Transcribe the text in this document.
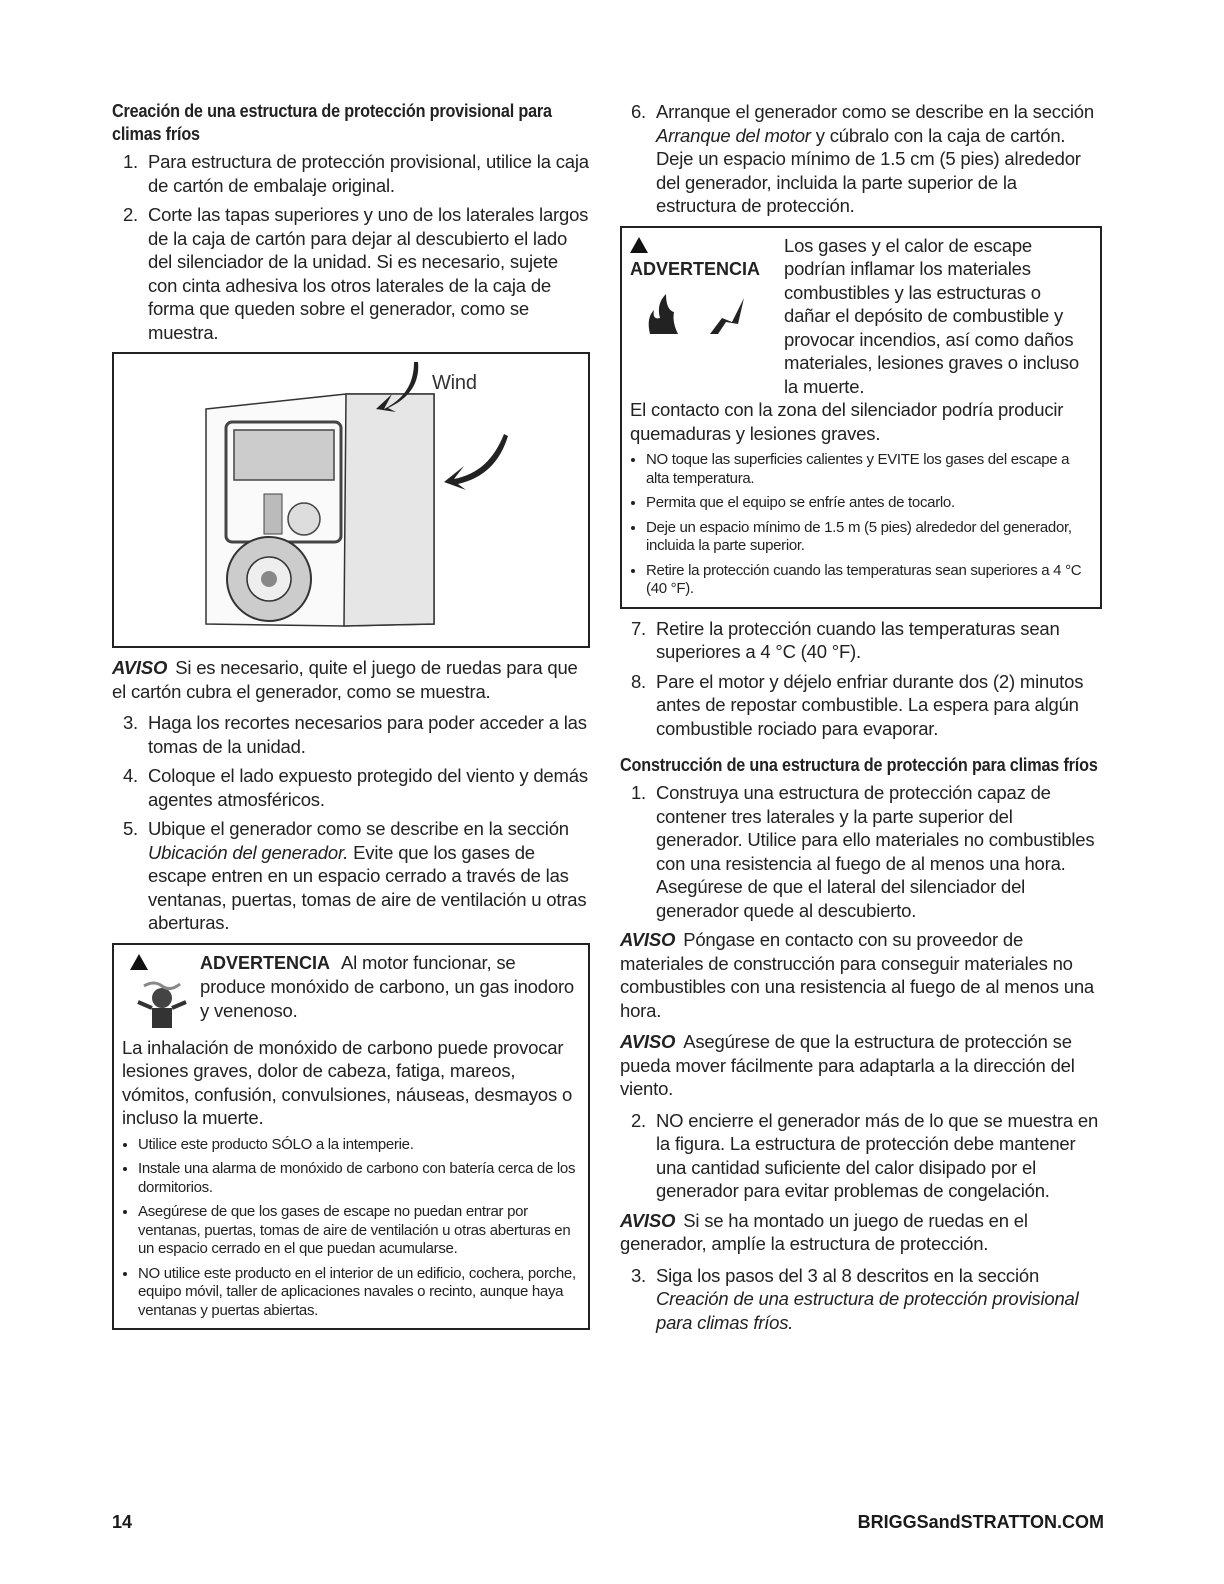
Creación de una estructura de protección provisional para climas fríos
1. Para estructura de protección provisional, utilice la caja de cartón de embalaje original.
2. Corte las tapas superiores y uno de los laterales largos de la caja de cartón para dejar al descubierto el lado del silenciador de la unidad. Si es necesario, sujete con cinta adhesiva los otros laterales de la caja de forma que queden sobre el generador, como se muestra.
Wind

AVISO Si es necesario, quite el juego de ruedas para que el cartón cubra el generador, como se muestra.

3. Haga los recortes necesarios para poder acceder a las tomas de la unidad.
4. Coloque el lado expuesto protegido del viento y demás agentes atmosféricos.
5. Ubique el generador como se describe en la sección Ubicación del generador. Evite que los gases de escape entren en un espacio cerrado a través de las ventanas, puertas, tomas de aire de ventilación u otras aberturas.
ADVERTENCIA Al motor funcionar, se produce monóxido de carbono, un gas inodoro y venenoso.
La inhalación de monóxido de carbono puede provocar lesiones graves, dolor de cabeza, fatiga, mareos, vómitos, confusión, convulsiones, náuseas, desmayos o incluso la muerte.
• Utilice este producto SÓLO a la intemperie.
• Instale una alarma de monóxido de carbono con batería cerca de los dormitorios.
• Asegúrese de que los gases de escape no puedan entrar por ventanas, puertas, tomas de aire de ventilación u otras aberturas en un espacio cerrado en el que puedan acumularse.
• NO utilice este producto en el interior de un edificio, cochera, porche, equipo móvil, taller de aplicaciones navales o recinto, aunque haya ventanas y puertas abiertas.
6. Arranque el generador como se describe en la sección Arranque del motor y cúbralo con la caja de cartón. Deje un espacio mínimo de 1.5 cm (5 pies) alrededor del generador, incluida la parte superior de la estructura de protección.
ADVERTENCIA
Los gases y el calor de escape podrían inflamar los materiales combustibles y las estructuras o dañar el depósito de combustible y provocar incendios, así como daños materiales, lesiones graves o incluso la muerte.
El contacto con la zona del silenciador podría producir quemaduras y lesiones graves.
• NO toque las superficies calientes y EVITE los gases del escape a alta temperatura.
• Permita que el equipo se enfríe antes de tocarlo.
• Deje un espacio mínimo de 1.5 m (5 pies) alrededor del generador, incluida la parte superior.
• Retire la protección cuando las temperaturas sean superiores a 4 °C (40 °F).
7. Retire la protección cuando las temperaturas sean superiores a 4 °C (40 °F).
8. Pare el motor y déjelo enfriar durante dos (2) minutos antes de repostar combustible. La espera para algún combustible rociado para evaporar.
Construcción de una estructura de protección para climas fríos
1. Construya una estructura de protección capaz de contener tres laterales y la parte superior del generador. Utilice para ello materiales no combustibles con una resistencia al fuego de al menos una hora. Asegúrese de que el lateral del silenciador del generador quede al descubierto.

AVISO Póngase en contacto con su proveedor de materiales de construcción para conseguir materiales no combustibles con una resistencia al fuego de al menos una hora.

AVISO Asegúrese de que la estructura de protección se pueda mover fácilmente para adaptarla a la dirección del viento.

2. NO encierre el generador más de lo que se muestra en la figura. La estructura de protección debe mantener una cantidad suficiente del calor disipado por el generador para evitar problemas de congelación.

AVISO Si se ha montado un juego de ruedas en el generador, amplíe la estructura de protección.

3. Siga los pasos del 3 al 8 descritos en la sección Creación de una estructura de protección provisional para climas fríos.
14	BRIGGSandSTRATTON.COM
